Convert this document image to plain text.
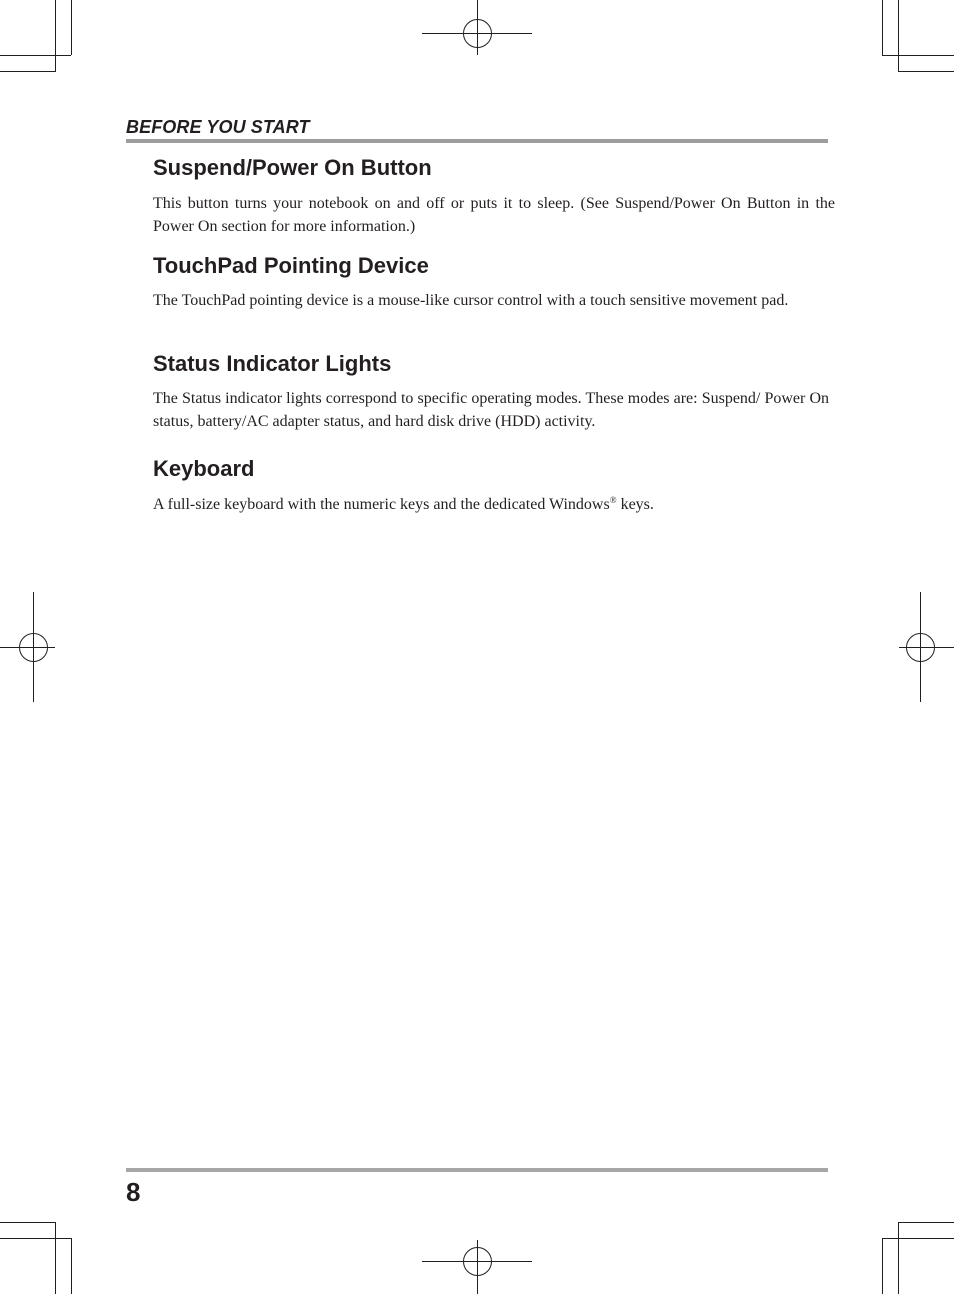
BEFORE YOU START
Suspend/Power On Button

This button turns your notebook on and off or puts it to sleep. (See Suspend/Power On Button in the Power On section for more information.)

TouchPad Pointing Device

The TouchPad pointing device is a mouse-like cursor control with a touch sensitive movement pad.

Status Indicator Lights

The Status indicator lights correspond to specific operating modes. These modes are: Suspend/ Power On status, battery/AC adapter status, and hard disk drive (HDD) activity.

Keyboard

A full-size keyboard with the numeric keys and the dedicated Windows® keys.

8
